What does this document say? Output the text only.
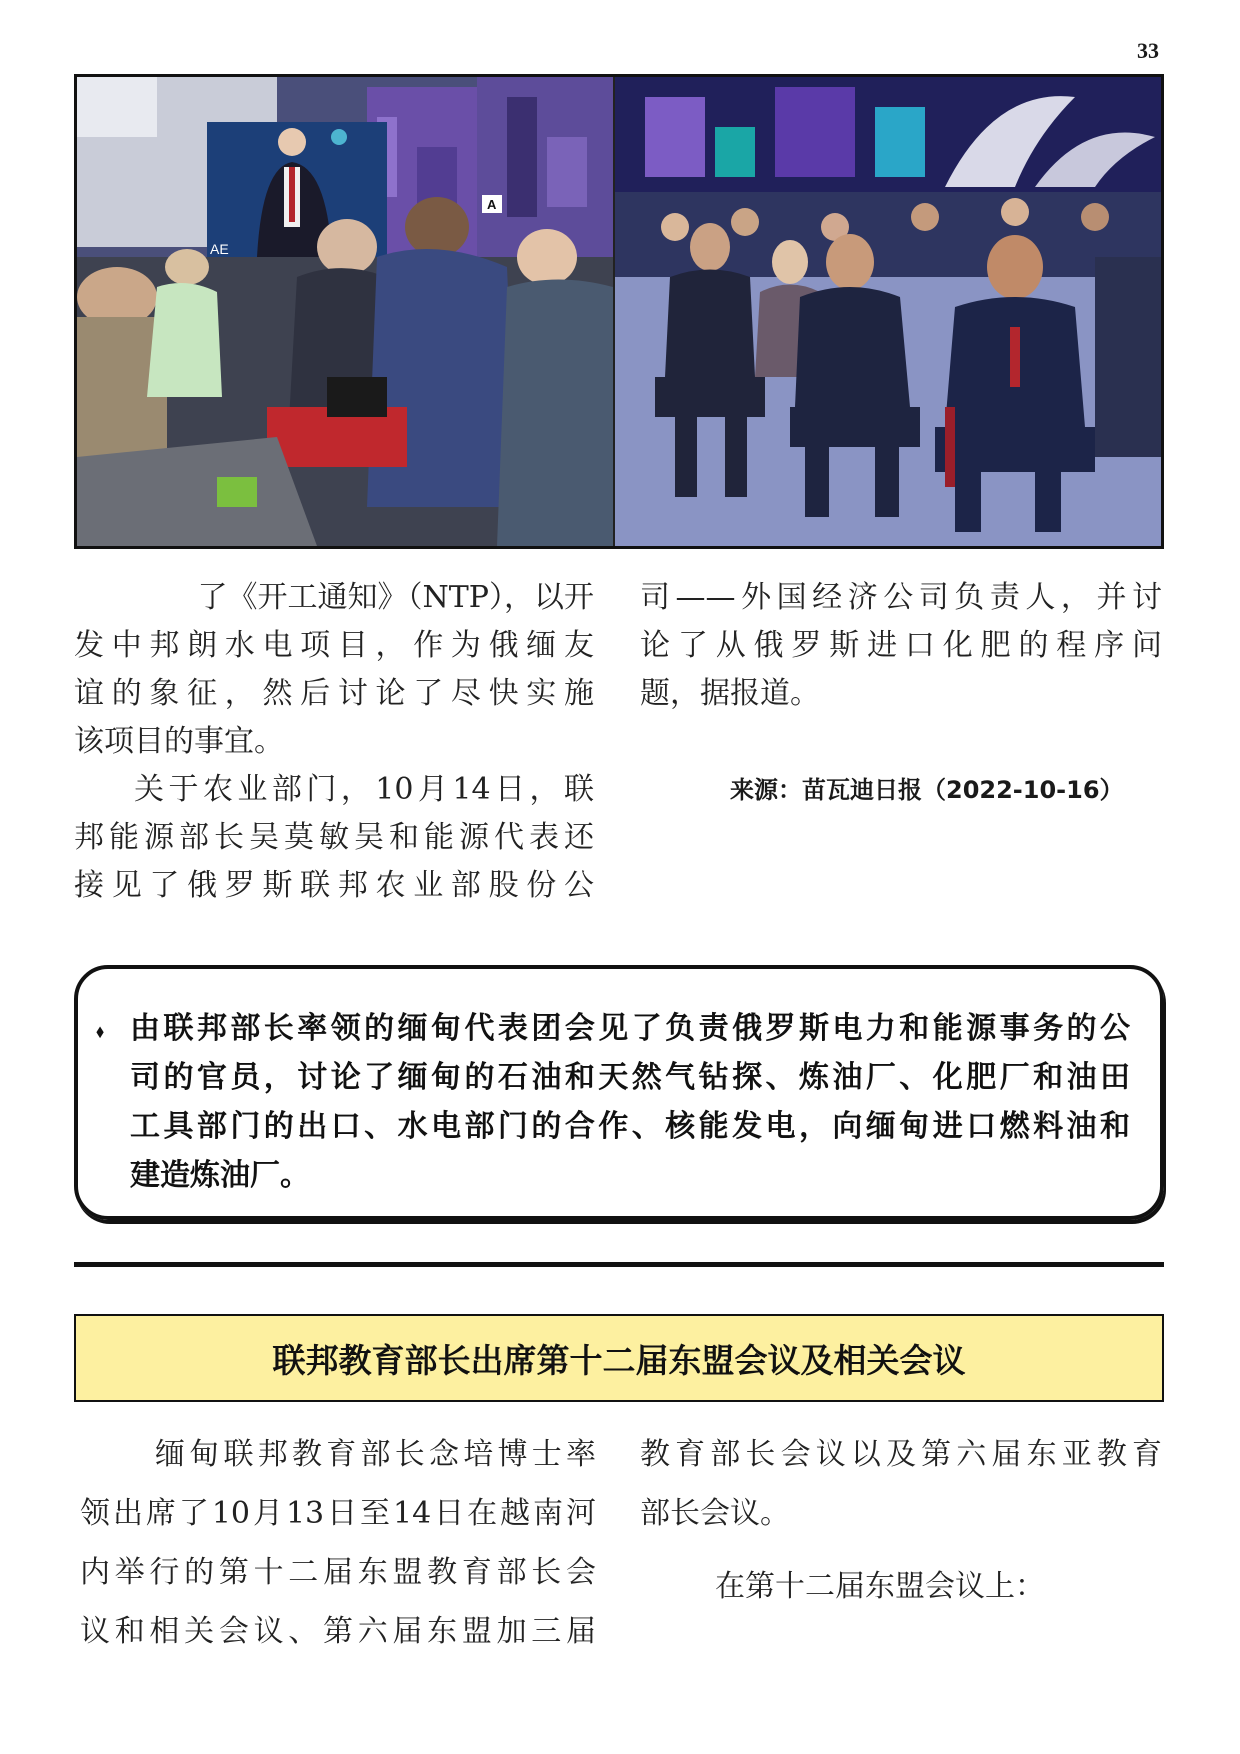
33
AE
A

了《开工通知》（NTP），以开
发中邦朗水电项目，作为俄缅友
谊的象征，然后讨论了尽快实施
该项目的事宜。

关于农业部门，10月14日，联
邦能源部长吴莫敏吴和能源代表还
接见了俄罗斯联邦农业部股份公

司——外国经济公司负责人，并讨
论了从俄罗斯进口化肥的程序问
题，据报道。
来源：苗瓦迪日报（2022-10-16）
⬧ 由联邦部长率领的缅甸代表团会见了负责俄罗斯电力和能源事务的公
司的官员，讨论了缅甸的石油和天然气钻探、炼油厂、化肥厂和油田
工具部门的出口、水电部门的合作、核能发电，向缅甸进口燃料油和
建造炼油厂。
联邦教育部长出席第十二届东盟会议及相关会议
缅甸联邦教育部长念培博士率
领出席了10月13日至14日在越南河
内举行的第十二届东盟教育部长会
议和相关会议、第六届东盟加三届
教育部长会议以及第六届东亚教育
部长会议。
在第十二届东盟会议上：
